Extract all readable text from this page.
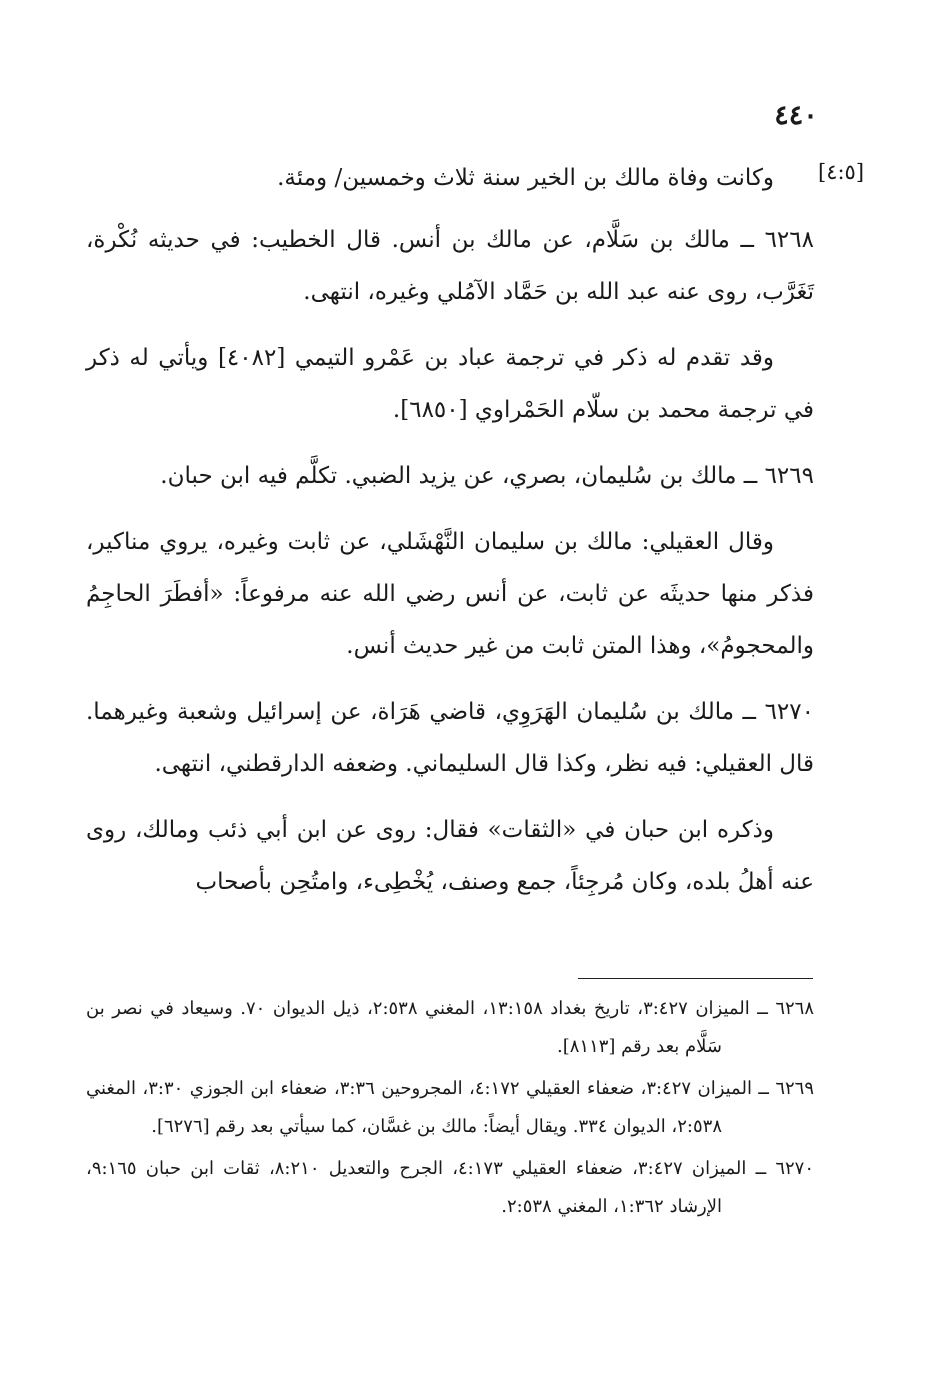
٤٤٠
[٤:٥]

وكانت وفاة مالك بن الخير سنة ثلاث وخمسين/ ومئة.

٦٢٦٨ ــ مالك بن سَلَّام، عن مالك بن أنس. قال الخطيب: في حديثه نُكْرة، تَغَرَّب، روى عنه عبد الله بن حَمَّاد الآمُلي وغيره، انتهى.

وقد تقدم له ذكر في ترجمة عباد بن عَمْرو التيمي [٤٠٨٢] ويأتي له ذكر في ترجمة محمد بن سلّام الحَمْراوي [٦٨٥٠].

٦٢٦٩ ــ مالك بن سُليمان، بصري، عن يزيد الضبي. تكلَّم فيه ابن حبان.

وقال العقيلي: مالك بن سليمان النَّهْشَلي، عن ثابت وغيره، يروي مناكير، فذكر منها حديثَه عن ثابت، عن أنس رضي الله عنه مرفوعاً: «أفطَرَ الحاجِمُ والمحجومُ»، وهذا المتن ثابت من غير حديث أنس.

٦٢٧٠ ــ مالك بن سُليمان الهَرَوِي، قاضي هَرَاة، عن إسرائيل وشعبة وغيرهما. قال العقيلي: فيه نظر، وكذا قال السليماني. وضعفه الدارقطني، انتهى.

وذكره ابن حبان في «الثقات» فقال: روى عن ابن أبي ذئب ومالك، روى عنه أهلُ بلده، وكان مُرجِئاً، جمع وصنف، يُخْطِىء، وامتُحِن بأصحاب

٦٢٦٨ ــ الميزان ٣:٤٢٧، تاريخ بغداد ١٣:١٥٨، المغني ٢:٥٣٨، ذيل الديوان ٧٠. وسيعاد في نصر بن سَلَّام بعد رقم [٨١١٣].

٦٢٦٩ ــ الميزان ٣:٤٢٧، ضعفاء العقيلي ٤:١٧٢، المجروحين ٣:٣٦، ضعفاء ابن الجوزي ٣:٣٠، المغني ٢:٥٣٨، الديوان ٣٣٤. ويقال أيضاً: مالك بن غسَّان، كما سيأتي بعد رقم [٦٢٧٦].

٦٢٧٠ ــ الميزان ٣:٤٢٧، ضعفاء العقيلي ٤:١٧٣، الجرح والتعديل ٨:٢١٠، ثقات ابن حبان ٩:١٦٥، الإرشاد ١:٣٦٢، المغني ٢:٥٣٨.
